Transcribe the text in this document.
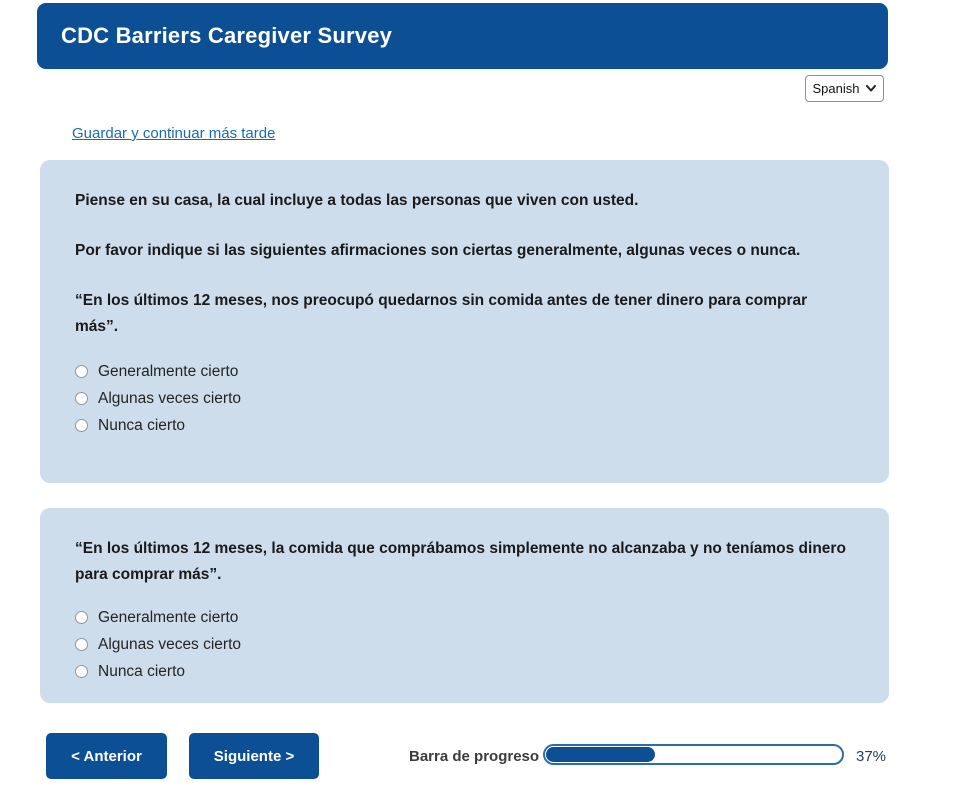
CDC Barriers Caregiver Survey
Spanish
Guardar y continuar más tarde

Piense en su casa, la cual incluye a todas las personas que viven con usted.

Por favor indique si las siguientes afirmaciones son ciertas generalmente, algunas veces o nunca.

“En los últimos 12 meses, nos preocupó quedarnos sin comida antes de tener dinero para comprar más”.

Generalmente cierto
Algunas veces cierto
Nunca cierto

“En los últimos 12 meses, la comida que comprábamos simplemente no alcanzaba y no teníamos dinero para comprar más”.

Generalmente cierto
Algunas veces cierto
Nunca cierto
< Anterior	Siguiente >	Barra de progreso	37%
